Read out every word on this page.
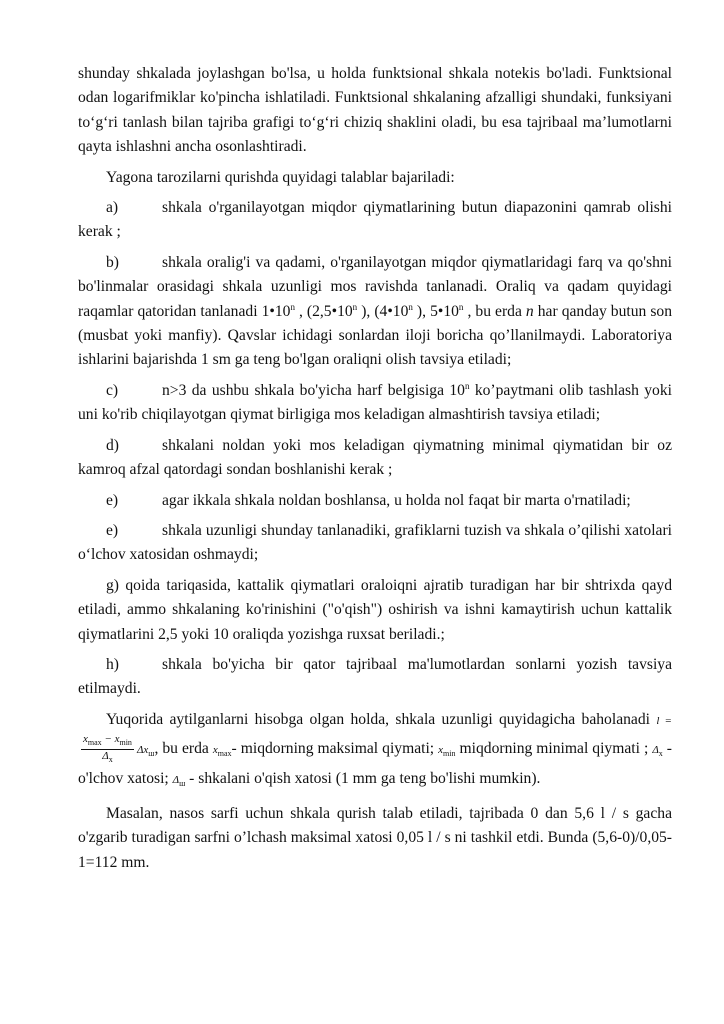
shunday shkalada joylashgan bo'lsa, u holda funktsional shkala notekis bo'ladi. Funktsional odan logarifmiklar ko'pincha ishlatiladi. Funktsional shkalaning afzalligi shundaki, funksiyani to‘g‘ri tanlash bilan tajriba grafigi to‘g‘ri chiziq shaklini oladi, bu esa tajribaal ma’lumotlarni qayta ishlashni ancha osonlashtiradi.

Yagona tarozilarni qurishda quyidagi talablar bajariladi:

a)	shkala o'rganilayotgan miqdor qiymatlarining butun diapazonini qamrab olishi kerak ;

b)	shkala oralig'i va qadami, o'rganilayotgan miqdor qiymatlaridagi farq va qo'shni bo'linmalar orasidagi shkala uzunligi mos ravishda tanlanadi. Oraliq va qadam quyidagi raqamlar qatoridan tanlanadi 1•10$^n$ , (2,5•10$^n$ ), (4•10$^n$ ), 5•10$^n$ , bu erda n har qanday butun son (musbat yoki manfiy). Qavslar ichidagi sonlardan iloji boricha qo’llanilmaydi. Laboratoriya ishlarini bajarishda 1 sm ga teng bo'lgan oraliqni olish tavsiya etiladi;

c)	n>3 da ushbu shkala bo'yicha harf belgisiga 10$^n$ ko’paytmani olib tashlash yoki uni ko'rib chiqilayotgan qiymat birligiga mos keladigan almashtirish tavsiya etiladi;

d)	shkalani noldan yoki mos keladigan qiymatning minimal qiymatidan bir oz kamroq afzal qatordagi sondan boshlanishi kerak ;

e)	agar ikkala shkala noldan boshlansa, u holda nol faqat bir marta o'rnatiladi;

e)	shkala uzunligi shunday tanlanadiki, grafiklarni tuzish va shkala o’qilishi xatolari o‘lchov xatosidan oshmaydi;

g) qoida tariqasida, kattalik qiymatlari oraloiqni ajratib turadigan har bir shtrixda qayd etiladi, ammo shkalaning ko'rinishini ("o'qish") oshirish va ishni kamaytirish uchun kattalik qiymatlarini 2,5 yoki 10 oraliqda yozishga ruxsat beriladi.;

h)	shkala bo'yicha bir qator tajribaal ma'lumotlardan sonlarni yozish tavsiya etilmaydi.

Yuqorida aytilganlarni hisobga olgan holda, shkala uzunligi quyidagicha baholanadi l =
$\frac{x_{max} - x_{min}}{\Delta_x} \Delta x_ш$, bu erda $x_{max}-$ miqdorning maksimal qiymati; $x_{min}$ miqdorning minimal qiymati ; $\Delta_x$ - o'lchov xatosi; $\Delta_ш$ - shkalani o'qish xatosi (1 mm ga teng bo'lishi mumkin).

Masalan, nasos sarfi uchun shkala qurish talab etiladi, tajribada 0 dan 5,6 l / s gacha o'zgarib turadigan sarfni o’lchash maksimal xatosi 0,05 l / s ni tashkil etdi. Bunda (5,6-0)/0,05-1=112 mm.
